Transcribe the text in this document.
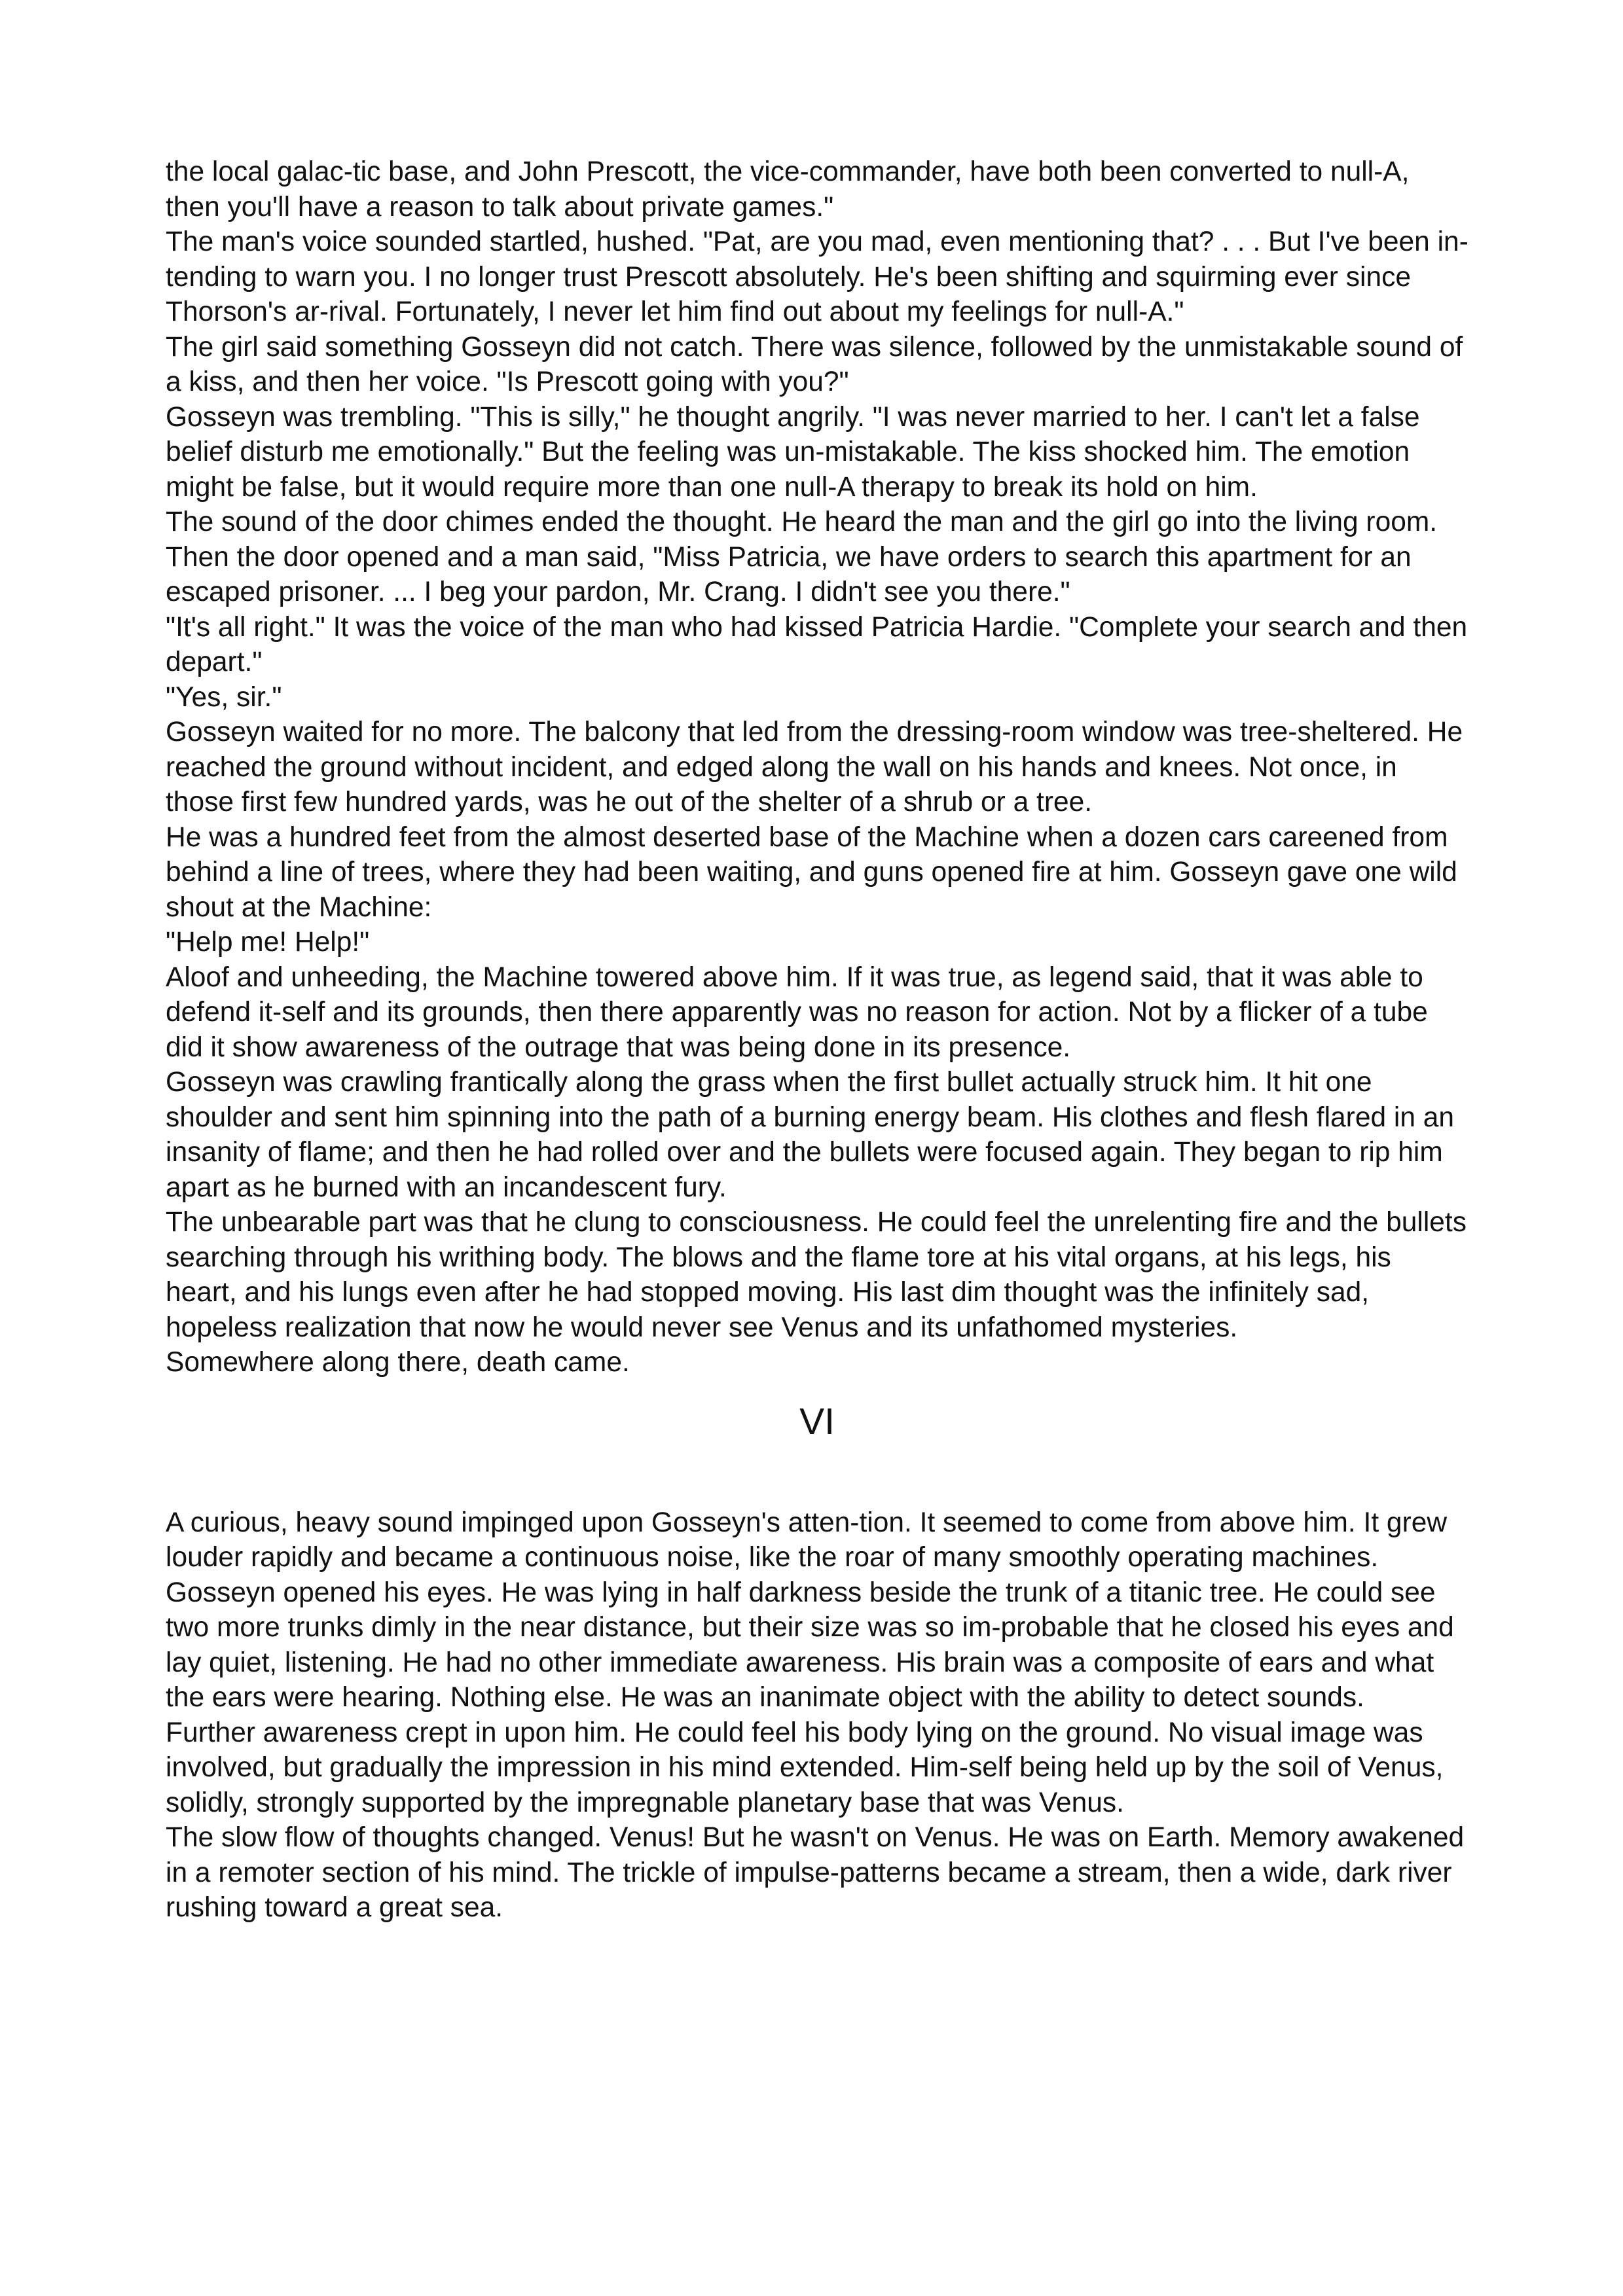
the local galac-tic base, and John Prescott, the vice-commander, have both been converted to null-A, then you'll have a reason to talk about private games."

The man's voice sounded startled, hushed. "Pat, are you mad, even mentioning that? . . . But I've been in-tending to warn you. I no longer trust Prescott absolutely. He's been shifting and squirming ever since Thorson's ar-rival. Fortunately, I never let him find out about my feelings for null-A."

The girl said something Gosseyn did not catch. There was silence, followed by the unmistakable sound of a kiss, and then her voice. "Is Prescott going with you?"

Gosseyn was trembling. "This is silly," he thought angrily. "I was never married to her. I can't let a false belief disturb me emotionally." But the feeling was un-mistakable. The kiss shocked him. The emotion might be false, but it would require more than one null-A therapy to break its hold on him.

The sound of the door chimes ended the thought. He heard the man and the girl go into the living room. Then the door opened and a man said, "Miss Patricia, we have orders to search this apartment for an escaped prisoner. ... I beg your pardon, Mr. Crang. I didn't see you there."

"It's all right." It was the voice of the man who had kissed Patricia Hardie. "Complete your search and then depart."

"Yes, sir."

Gosseyn waited for no more. The balcony that led from the dressing-room window was tree-sheltered. He reached the ground without incident, and edged along the wall on his hands and knees. Not once, in those first few hundred yards, was he out of the shelter of a shrub or a tree.

He was a hundred feet from the almost deserted base of the Machine when a dozen cars careened from behind a line of trees, where they had been waiting, and guns opened fire at him. Gosseyn gave one wild shout at the Machine:

"Help me! Help!"

Aloof and unheeding, the Machine towered above him. If it was true, as legend said, that it was able to defend it-self and its grounds, then there apparently was no reason for action. Not by a flicker of a tube did it show awareness of the outrage that was being done in its presence.

Gosseyn was crawling frantically along the grass when the first bullet actually struck him. It hit one shoulder and sent him spinning into the path of a burning energy beam. His clothes and flesh flared in an insanity of flame; and then he had rolled over and the bullets were focused again. They began to rip him apart as he burned with an incandescent fury.

The unbearable part was that he clung to consciousness. He could feel the unrelenting fire and the bullets searching through his writhing body. The blows and the flame tore at his vital organs, at his legs, his heart, and his lungs even after he had stopped moving. His last dim thought was the infinitely sad, hopeless realization that now he would never see Venus and its unfathomed mysteries.

Somewhere along there, death came.

VI

A curious, heavy sound impinged upon Gosseyn's atten-tion. It seemed to come from above him. It grew louder rapidly and became a continuous noise, like the roar of many smoothly operating machines.

Gosseyn opened his eyes. He was lying in half darkness beside the trunk of a titanic tree. He could see two more trunks dimly in the near distance, but their size was so im-probable that he closed his eyes and lay quiet, listening. He had no other immediate awareness. His brain was a composite of ears and what the ears were hearing. Nothing else. He was an inanimate object with the ability to detect sounds.

Further awareness crept in upon him. He could feel his body lying on the ground. No visual image was involved, but gradually the impression in his mind extended. Him-self being held up by the soil of Venus, solidly, strongly supported by the impregnable planetary base that was Venus.

The slow flow of thoughts changed. Venus! But he wasn't on Venus. He was on Earth. Memory awakened in a remoter section of his mind. The trickle of impulse-patterns became a stream, then a wide, dark river rushing toward a great sea.
